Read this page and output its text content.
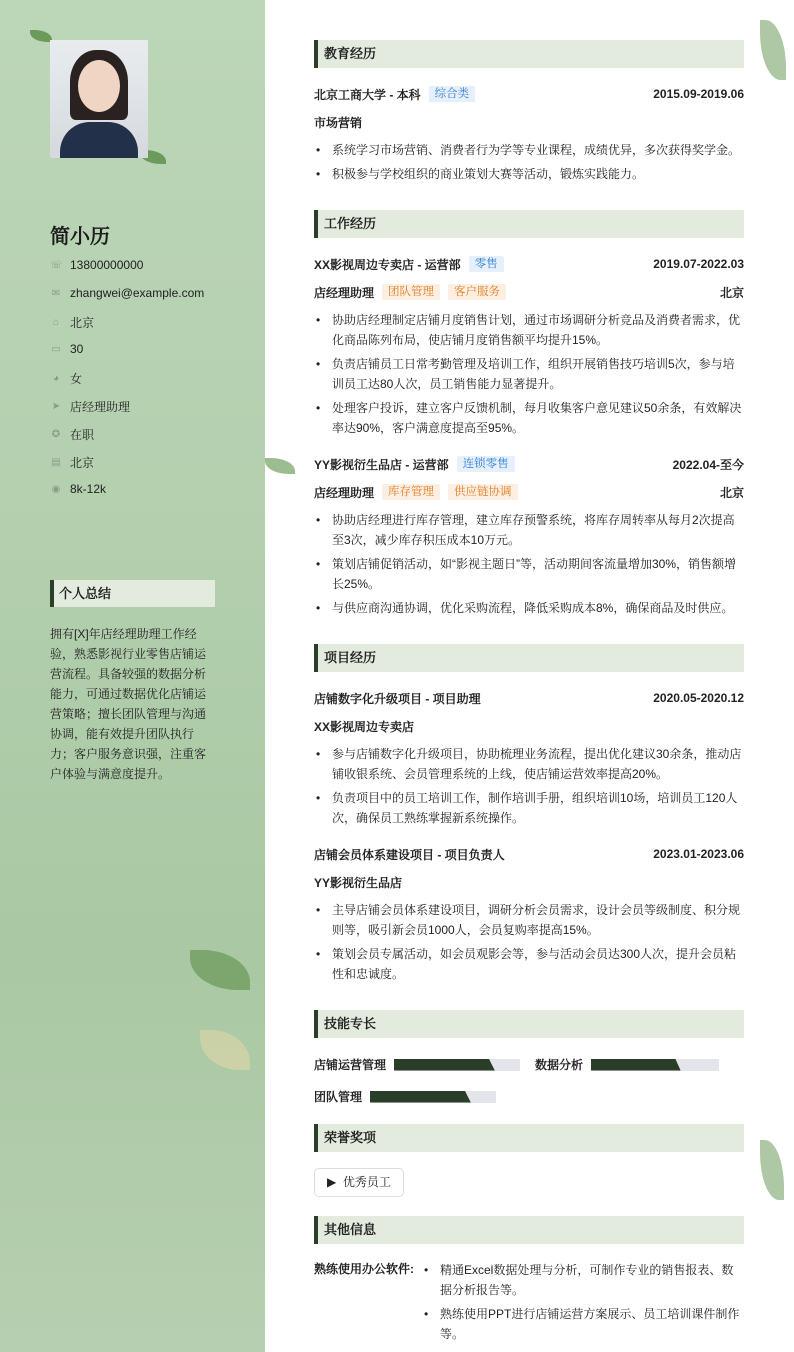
简小历
个人总结
拥有[X]年店经理助理工作经验，熟悉影视行业零售店铺运营流程。具备较强的数据分析能力，可通过数据优化店铺运营策略；擅长团队管理与沟通协调，能有效提升团队执行力；客户服务意识强，注重客户体验与满意度提升。
☏ 13800000000
✉ zhangwei@example.com
⌂ 北京
▭ 30
◕ 女
➤ 店经理助理
✪ 在职
▤ 北京
◉ 8k-12k
教育经历
北京工商大学 - 本科	综合类	2015.09-2019.06
市场营销
• 系统学习市场营销、消费者行为学等专业课程，成绩优异，多次获得奖学金。
• 积极参与学校组织的商业策划大赛等活动，锻炼实践能力。
工作经历
项目经历
技能专长
店铺运营管理	数据分析
团队管理
荣誉奖项
▶ 优秀员工
其他信息
熟练使用办公软件:	• 精通Excel数据处理与分析，可制作专业的销售报表、数据分析报告等。
• 熟练使用PPT进行店铺运营方案展示、员工培训课件制作等。
XX影视周边专卖店 - 运营部	零售	2019.07-2022.03
店经理助理	团队管理	客户服务	北京
• 协助店经理制定店铺月度销售计划，通过市场调研分析竞品及消费者需求，优化商品陈列布局，使店铺月度销售额平均提升15%。
• 负责店铺员工日常考勤管理及培训工作，组织开展销售技巧培训5次，参与培训员工达80人次，员工销售能力显著提升。
• 处理客户投诉，建立客户反馈机制，每月收集客户意见建议50余条，有效解决率达90%，客户满意度提高至95%。
YY影视衍生品店 - 运营部	连锁零售	2022.04-至今
店经理助理	库存管理	供应链协调	北京
• 协助店经理进行库存管理，建立库存预警系统，将库存周转率从每月2次提高至3次，减少库存积压成本10万元。
• 策划店铺促销活动，如“影视主题日”等，活动期间客流量增加30%，销售额增长25%。
• 与供应商沟通协调，优化采购流程，降低采购成本8%，确保商品及时供应。
店铺数字化升级项目 - 项目助理	2020.05-2020.12
XX影视周边专卖店
• 参与店铺数字化升级项目，协助梳理业务流程，提出优化建议30余条，推动店铺收银系统、会员管理系统的上线，使店铺运营效率提高20%。
• 负责项目中的员工培训工作，制作培训手册，组织培训10场，培训员工120人次，确保员工熟练掌握新系统操作。
店铺会员体系建设项目 - 项目负责人	2023.01-2023.06
YY影视衍生品店
• 主导店铺会员体系建设项目，调研分析会员需求，设计会员等级制度、积分规则等，吸引新会员1000人，会员复购率提高15%。
• 策划会员专属活动，如会员观影会等，参与活动会员达300人次，提升会员粘性和忠诚度。
